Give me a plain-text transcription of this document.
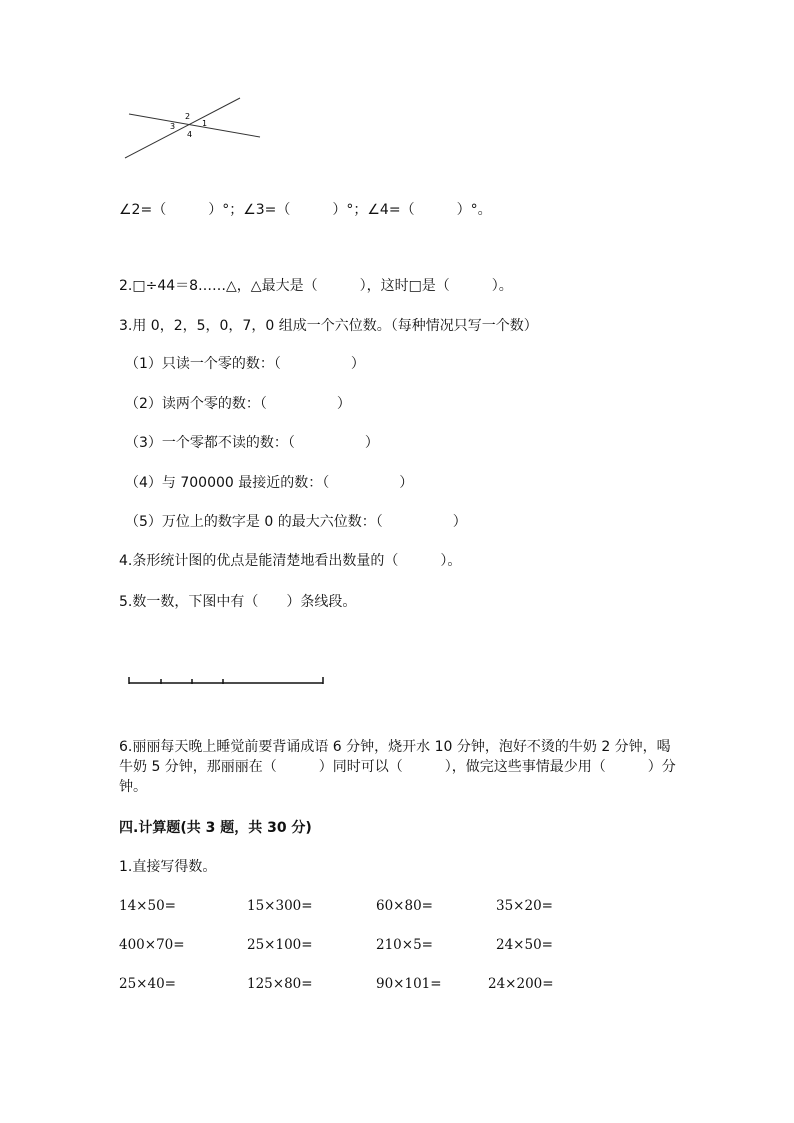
2
1
3
4
∠2=（　　　）°；∠3=（　　　）°；∠4=（　　　）°。
2.□÷44＝8……△，△最大是（　　　），这时□是（　　　）。
3.用 0，2，5，0，7，0 组成一个六位数。（每种情况只写一个数）
（1）只读一个零的数：（　　　　　）
（2）读两个零的数：（　　　　　）
（3）一个零都不读的数：（　　　　　）
（4）与 700000 最接近的数：（　　　　　）
（5）万位上的数字是 0 的最大六位数：（　　　　　）
4.条形统计图的优点是能清楚地看出数量的（　　　）。
5.数一数，下图中有（　　）条线段。
6.丽丽每天晚上睡觉前要背诵成语 6 分钟，烧开水 10 分钟，泡好不烫的牛奶 2 分钟，喝牛奶 5 分钟，那丽丽在（　　　）同时可以（　　　），做完这些事情最少用（　　　）分钟。
四.计算题(共 3 题，共 30 分)
1.直接写得数。
14×50=	15×300=	60×80=	35×20=
400×70=	25×100=	210×5=	24×50=
25×40=	125×80=	90×101=	24×200=
